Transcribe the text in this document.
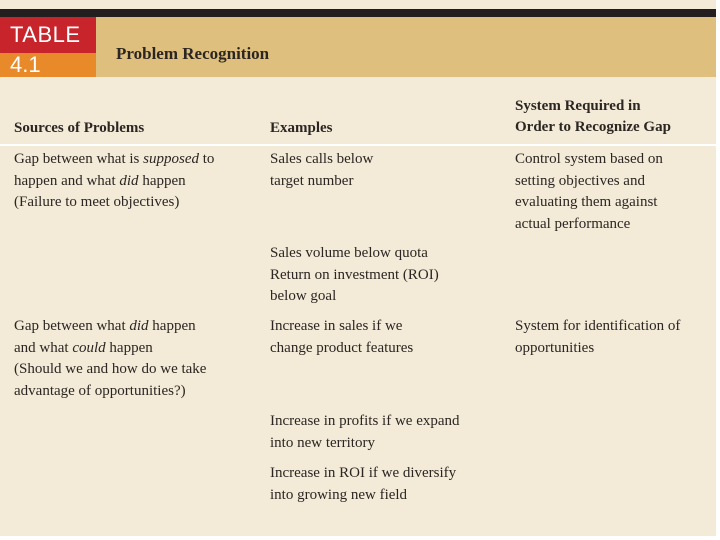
TABLE
4.1	Problem Recognition
Sources of Problems	Examples
System Required in
Order to Recognize Gap
Gap between what is supposed to
happen and what did happen
(Failure to meet objectives)
Sales calls below
target number
Sales volume below quota
Return on investment (ROI)
below goal
Control system based on
setting objectives and
evaluating them against
actual performance
Gap between what did happen
and what could happen
(Should we and how do we take
advantage of opportunities?)
Increase in sales if we
change product features
Increase in profits if we expand
into new territory
Increase in ROI if we diversify
into growing new field
System for identification of
opportunities
